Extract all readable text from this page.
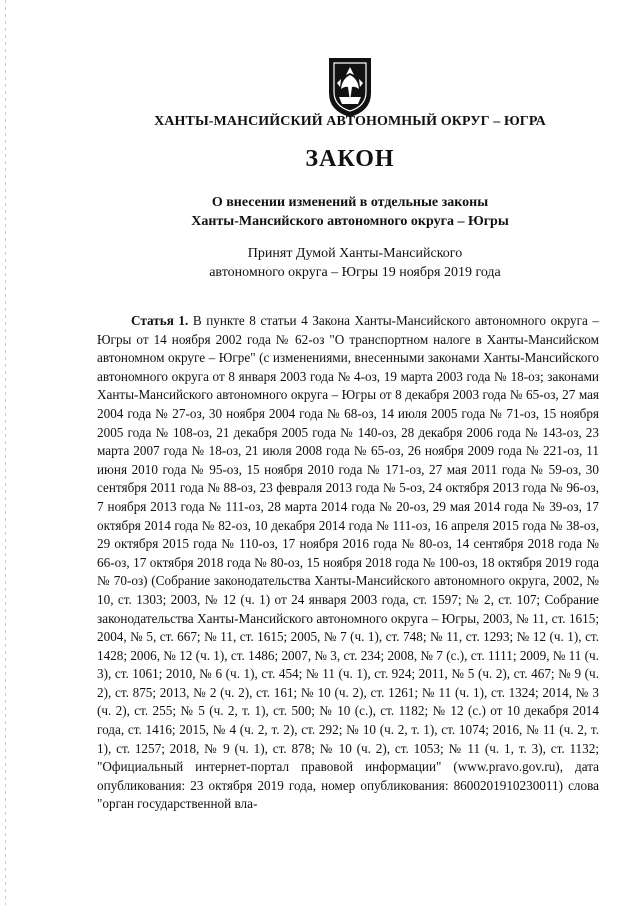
ХАНТЫ-МАНСИЙСКИЙ АВТОНОМНЫЙ ОКРУГ – ЮГРА
ЗАКОН
О внесении изменений в отдельные законы
Ханты-Мансийского автономного округа – Югры
Принят Думой Ханты-Мансийского
автономного округа – Югры 19 ноября 2019 года

Статья 1. В пункте 8 статьи 4 Закона Ханты-Мансийского автономного округа – Югры от 14 ноября 2002 года № 62-оз "О транспортном налоге в Ханты-Мансийском автономном округе – Югре" (с изменениями, внесенными законами Ханты-Мансийского автономного округа от 8 января 2003 года № 4-оз, 19 марта 2003 года № 18-оз; законами Ханты-Мансийского автономного округа – Югры от 8 декабря 2003 года № 65-оз, 27 мая 2004 года № 27-оз, 30 ноября 2004 года № 68-оз, 14 июля 2005 года № 71-оз, 15 ноября 2005 года № 108-оз, 21 декабря 2005 года № 140-оз, 28 декабря 2006 года № 143-оз, 23 марта 2007 года № 18-оз, 21 июля 2008 года № 65-оз, 26 ноября 2009 года № 221-оз, 11 июня 2010 года № 95-оз, 15 ноября 2010 года № 171-оз, 27 мая 2011 года № 59-оз, 30 сентября 2011 года № 88-оз, 23 февраля 2013 года № 5-оз, 24 октября 2013 года № 96-оз, 7 ноября 2013 года № 111-оз, 28 марта 2014 года № 20-оз, 29 мая 2014 года № 39-оз, 17 октября 2014 года № 82-оз, 10 декабря 2014 года № 111-оз, 16 апреля 2015 года № 38-оз, 29 октября 2015 года № 110-оз, 17 ноября 2016 года № 80-оз, 14 сентября 2018 года № 66-оз, 17 октября 2018 года № 80-оз, 15 ноября 2018 года № 100-оз, 18 октября 2019 года № 70-оз) (Собрание законодательства Ханты-Мансийского автономного округа, 2002, № 10, ст. 1303; 2003, № 12 (ч. 1) от 24 января 2003 года, ст. 1597; № 2, ст. 107; Собрание законодательства Ханты-Мансийского автономного округа – Югры, 2003, № 11, ст. 1615; 2004, № 5, ст. 667; № 11, ст. 1615; 2005, № 7 (ч. 1), ст. 748; № 11, ст. 1293; № 12 (ч. 1), ст. 1428; 2006, № 12 (ч. 1), ст. 1486; 2007, № 3, ст. 234; 2008, № 7 (с.), ст. 1111; 2009, № 11 (ч. 3), ст. 1061; 2010, № 6 (ч. 1), ст. 454; № 11 (ч. 1), ст. 924; 2011, № 5 (ч. 2), ст. 467; № 9 (ч. 2), ст. 875; 2013, № 2 (ч. 2), ст. 161; № 10 (ч. 2), ст. 1261; № 11 (ч. 1), ст. 1324; 2014, № 3 (ч. 2), ст. 255; № 5 (ч. 2, т. 1), ст. 500; № 10 (с.), ст. 1182; № 12 (с.) от 10 декабря 2014 года, ст. 1416; 2015, № 4 (ч. 2, т. 2), ст. 292; № 10 (ч. 2, т. 1), ст. 1074; 2016, № 11 (ч. 2, т. 1), ст. 1257; 2018, № 9 (ч. 1), ст. 878; № 10 (ч. 2), ст. 1053; № 11 (ч. 1, т. 3), ст. 1132; "Официальный интернет-портал правовой информации" (www.pravo.gov.ru), дата опубликования: 23 октября 2019 года, номер опубликования: 8600201910230011) слова "орган государственной вла-
